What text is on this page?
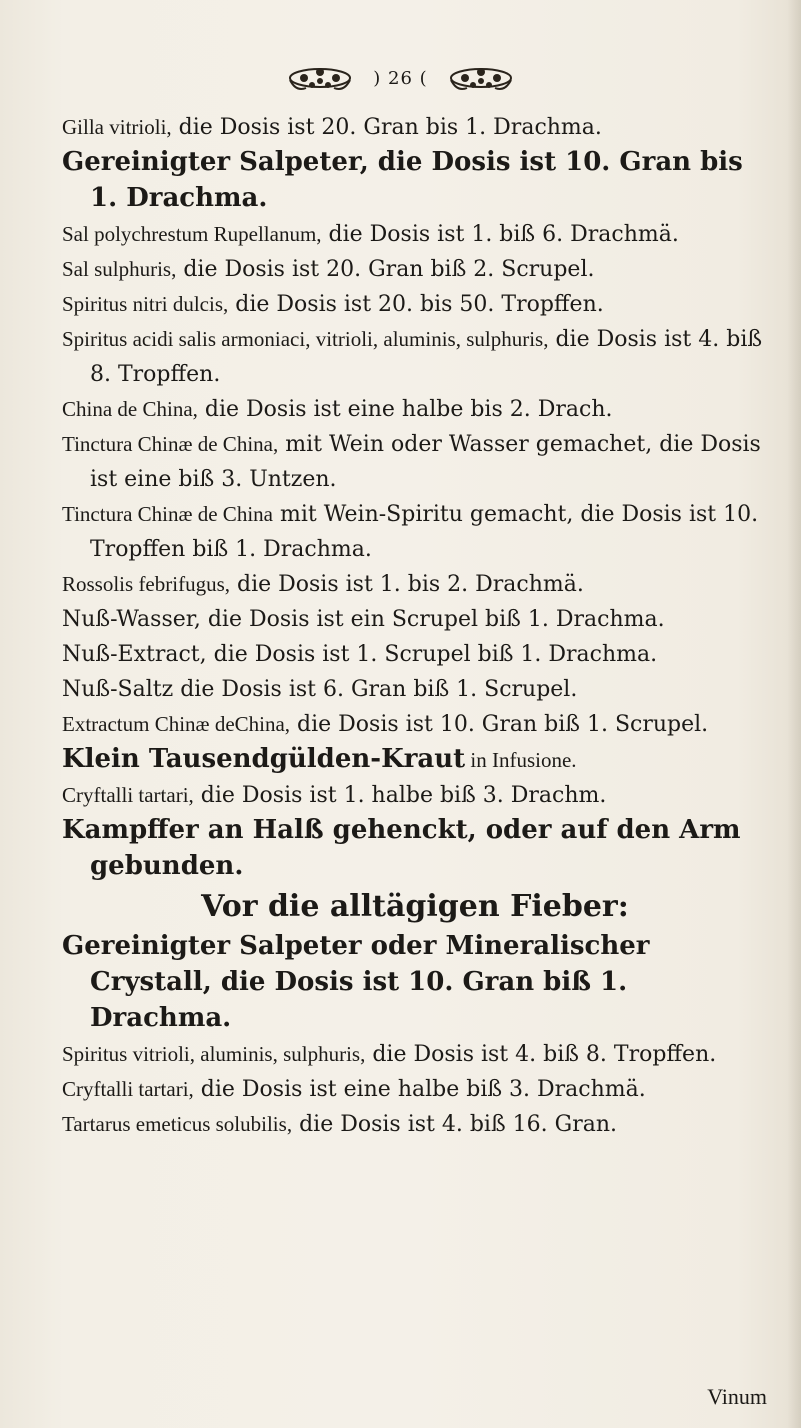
) 26 (

Gilla vitrioli, die Dosis ist 20. Gran bis 1. Drachma.

Gereinigter Salpeter, die Dosis ist 10. Gran bis 1. Drachma.

Sal polychrestum Rupellanum, die Dosis ist 1. biß 6. Drachmä.

Sal sulphuris, die Dosis ist 20. Gran biß 2. Scrupel.

Spiritus nitri dulcis, die Dosis ist 20. bis 50. Tropffen.

Spiritus acidi salis armoniaci, vitrioli, aluminis, sulphuris, die Dosis ist 4. biß 8. Tropffen.

China de China, die Dosis ist eine halbe bis 2. Drach.

Tinctura Chinæ de China, mit Wein oder Wasser gemachet, die Dosis ist eine biß 3. Untzen.

Tinctura Chinæ de China mit Wein-Spiritu gemacht, die Dosis ist 10. Tropffen biß 1. Drachma.

Rossolis febrifugus, die Dosis ist 1. bis 2. Drachmä.

Nuß-Wasser, die Dosis ist ein Scrupel biß 1. Drachma.

Nuß-Extract, die Dosis ist 1. Scrupel biß 1. Drachma.

Nuß-Saltz die Dosis ist 6. Gran biß 1. Scrupel.

Extractum Chinæ deChina, die Dosis ist 10. Gran biß 1. Scrupel.

Klein Tausendgülden-Kraut in Infusione.

Cryftalli tartari, die Dosis ist 1. halbe biß 3. Drachm.

Kampffer an Halß gehenckt, oder auf den Arm gebunden.

Vor die alltägigen Fieber:

Gereinigter Salpeter oder Mineralischer Crystall, die Dosis ist 10. Gran biß 1. Drachma.

Spiritus vitrioli, aluminis, sulphuris, die Dosis ist 4. biß 8. Tropffen.

Cryftalli tartari, die Dosis ist eine halbe biß 3. Drachmä.

Tartarus emeticus solubilis, die Dosis ist 4. biß 16. Gran.

Vinum
